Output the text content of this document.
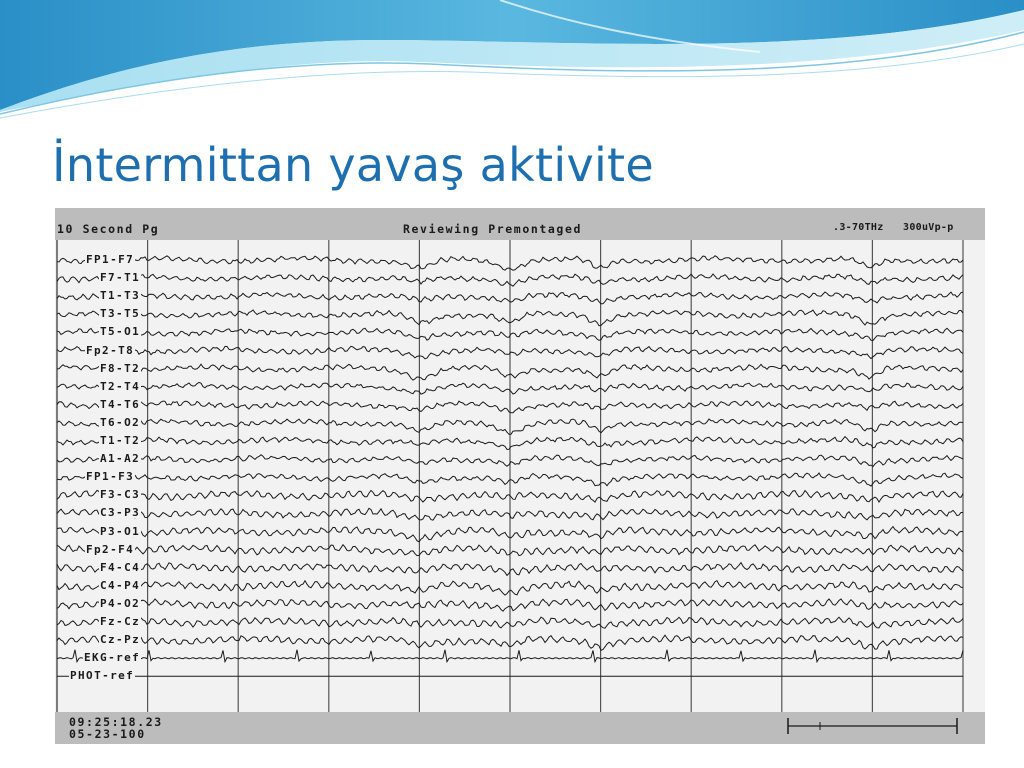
İntermittan yavaş aktivite
10 Second Pg	Reviewing Premontaged	.3-70THz 300uVp-p
FP1-F7
F7-T1
T1-T3
T3-T5
T5-O1
Fp2-T8
F8-T2
T2-T4
T4-T6
T6-O2
T1-T2
A1-A2
FP1-F3
F3-C3
C3-P3
P3-O1
Fp2-F4
F4-C4
C4-P4
P4-O2
Fz-Cz
Cz-Pz
EKG-ref
PHOT-ref
09:25:18.23
05-23-100
